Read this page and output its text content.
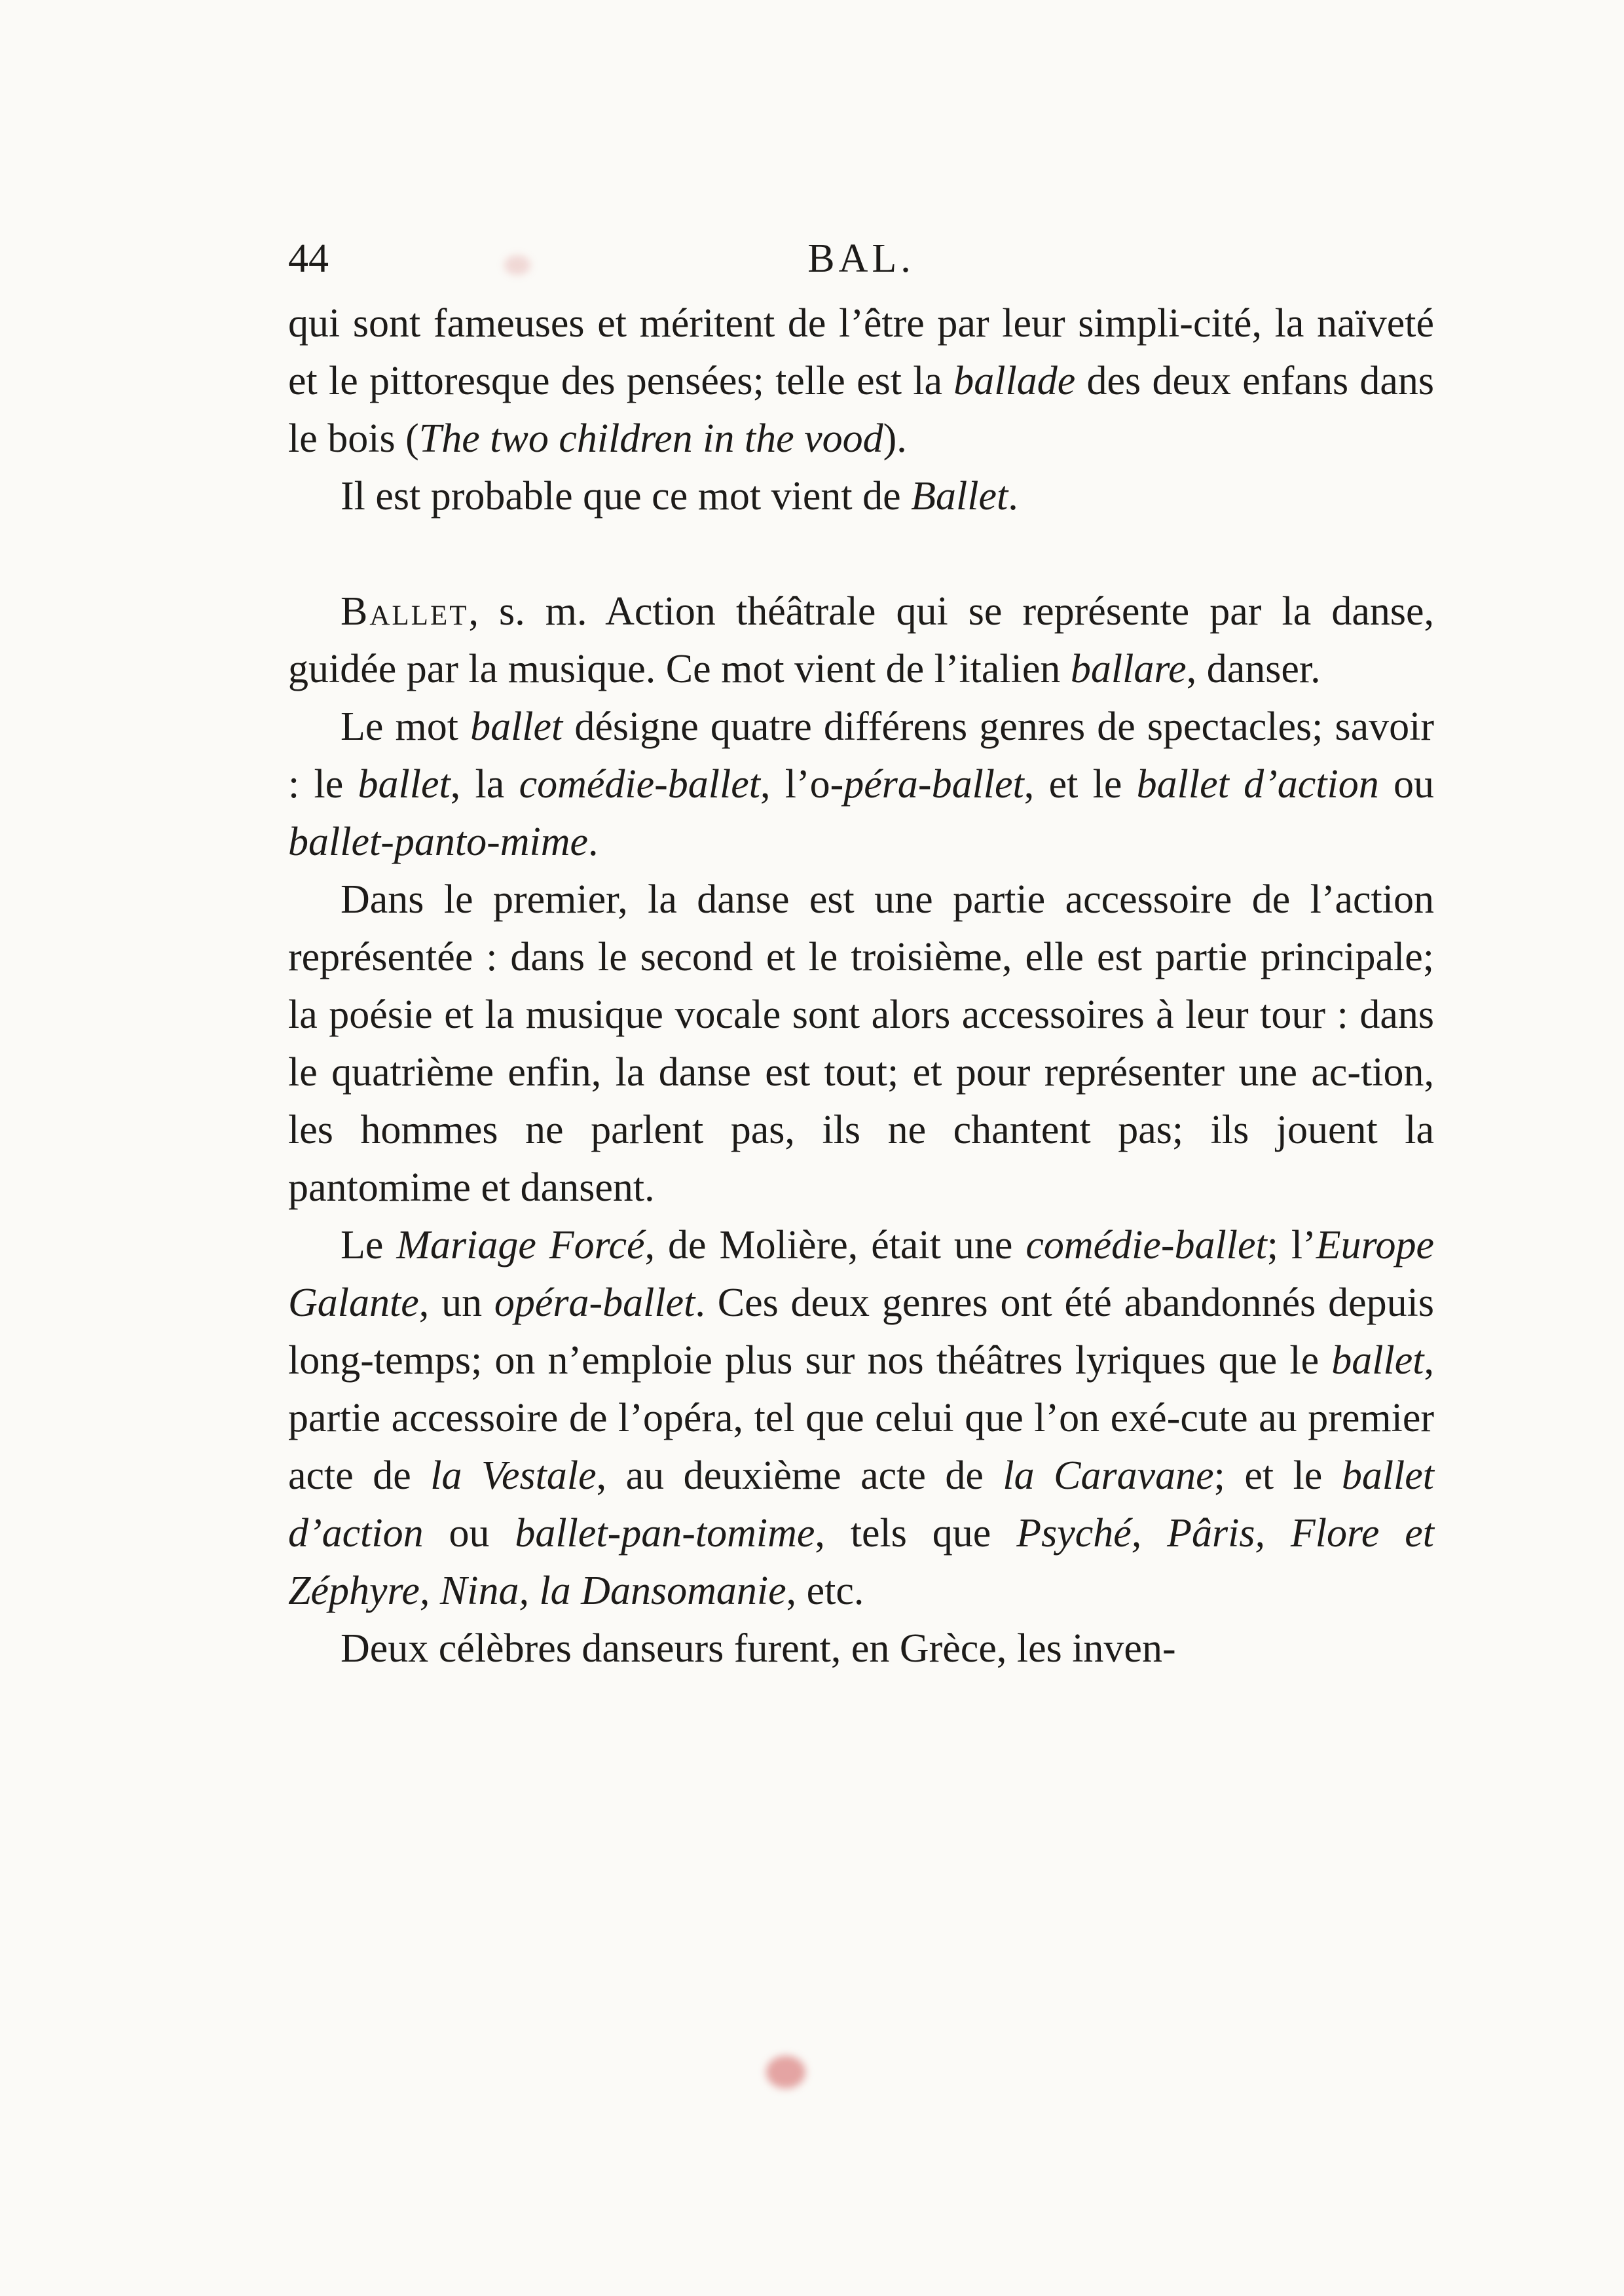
44	BAL.

qui sont fameuses et méritent de l’être par leur simpli-cité, la naïveté et le pittoresque des pensées; telle est la ballade des deux enfans dans le bois (The two children in the vood).

Il est probable que ce mot vient de Ballet.

Ballet, s. m. Action théâtrale qui se représente par la danse, guidée par la musique. Ce mot vient de l’italien ballare, danser.

Le mot ballet désigne quatre différens genres de spectacles; savoir : le ballet, la comédie-ballet, l’o-péra-ballet, et le ballet d’action ou ballet-panto-mime.

Dans le premier, la danse est une partie accessoire de l’action représentée : dans le second et le troisième, elle est partie principale; la poésie et la musique vocale sont alors accessoires à leur tour : dans le quatrième enfin, la danse est tout; et pour représenter une ac-tion, les hommes ne parlent pas, ils ne chantent pas; ils jouent la pantomime et dansent.

Le Mariage Forcé, de Molière, était une comédie-ballet; l’Europe Galante, un opéra-ballet. Ces deux genres ont été abandonnés depuis long-temps; on n’emploie plus sur nos théâtres lyriques que le ballet, partie accessoire de l’opéra, tel que celui que l’on exé-cute au premier acte de la Vestale, au deuxième acte de la Caravane; et le ballet d’action ou ballet-pan-tomime, tels que Psyché, Pâris, Flore et Zéphyre, Nina, la Dansomanie, etc.

Deux célèbres danseurs furent, en Grèce, les inven-
